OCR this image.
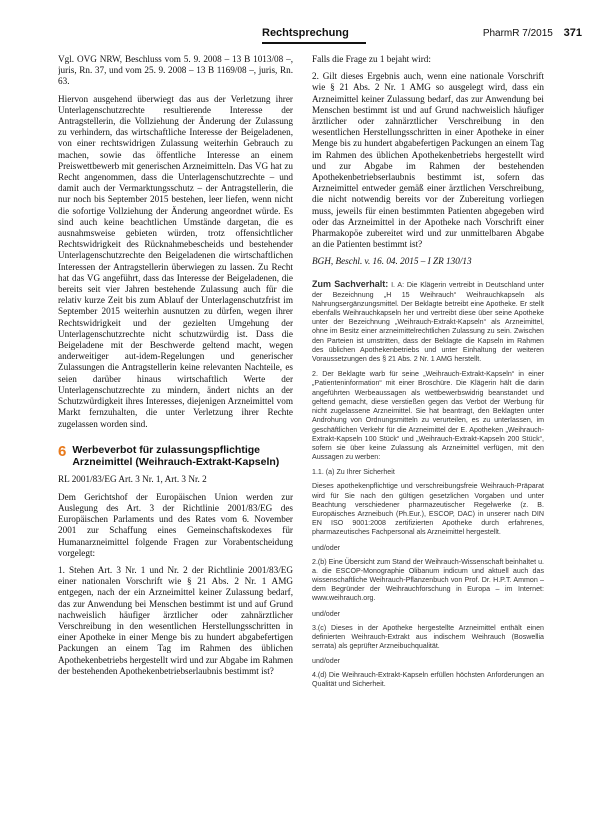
Rechtsprechung	PharmR 7/2015 371

Vgl. OVG NRW, Beschluss vom 5. 9. 2008 – 13 B 1013/08 –, juris, Rn. 37, und vom 25. 9. 2008 – 13 B 1169/08 –, juris, Rn. 63.

Hiervon ausgehend überwiegt das aus der Verletzung ihrer Unterlagenschutzrechte resultierende Interesse der Antragstellerin, die Vollziehung der Änderung der Zulassung zu verhindern, das wirtschaftliche Interesse der Beigeladenen, von einer rechtswidrigen Zulassung weiterhin Gebrauch zu machen, sowie das öffentliche Interesse an einem Preiswettbewerb mit generischen Arzneimitteln. Das VG hat zu Recht angenommen, dass die Unterlagenschutzrechte – und damit auch der Vermarktungsschutz – der Antragstellerin, die nur noch bis September 2015 bestehen, leer liefen, wenn nicht die sofortige Vollziehung der Änderung angeordnet würde. Es sind auch keine beachtlichen Umstände dargetan, die es ausnahmsweise gebieten würden, trotz offensichtlicher Rechtswidrigkeit des Rücknahmebescheids und bestehender Unterlagenschutzrechte den Beigeladenen die wirtschaftlichen Interessen der Antragstellerin überwiegen zu lassen. Zu Recht hat das VG angeführt, dass das Interesse der Beigeladenen, die bereits seit vier Jahren bestehende Zulassung auch für die relativ kurze Zeit bis zum Ablauf der Unterlagenschutzfrist im September 2015 weiterhin ausnutzen zu dürfen, wegen ihrer Rechtswidrigkeit und der gezielten Umgehung der Unterlagenschutzrechte nicht schutzwürdig ist. Dass die Beigeladene mit der Beschwerde geltend macht, wegen anderweitiger aut-idem-Regelungen und generischer Zulassungen die Antragstellerin keine relevanten Nachteile, es seien darüber hinaus wirtschaftlich Werte der Unterlagenschutzrechte zu mindern, ändert nichts an der Schutzwürdigkeit ihres Interesses, diejenigen Arzneimittel vom Markt fernzuhalten, die unter Verletzung ihrer Rechte zugelassen worden sind.

6 Werbeverbot für zulassungspflichtige Arzneimittel (Weihrauch-Extrakt-Kapseln)
RL 2001/83/EG Art. 3 Nr. 1, Art. 3 Nr. 2

Dem Gerichtshof der Europäischen Union werden zur Auslegung des Art. 3 der Richtlinie 2001/83/EG des Europäischen Parlaments und des Rates vom 6. November 2001 zur Schaffung eines Gemeinschaftskodexes für Humanarzneimittel folgende Fragen zur Vorabentscheidung vorgelegt:

1. Stehen Art. 3 Nr. 1 und Nr. 2 der Richtlinie 2001/83/EG einer nationalen Vorschrift wie § 21 Abs. 2 Nr. 1 AMG entgegen, nach der ein Arzneimittel keiner Zulassung bedarf, das zur Anwendung bei Menschen bestimmt ist und auf Grund nachweislich häufiger ärztlicher oder zahnärztlicher Verschreibung in den wesentlichen Herstellungsschritten in einer Apotheke in einer Menge bis zu hundert abgabefertigen Packungen an einem Tag im Rahmen des üblichen Apothekenbetriebs hergestellt wird und zur Abgabe im Rahmen der bestehenden Apothekenbetriebserlaubnis bestimmt ist?

Falls die Frage zu 1 bejaht wird:

2. Gilt dieses Ergebnis auch, wenn eine nationale Vorschrift wie § 21 Abs. 2 Nr. 1 AMG so ausgelegt wird, dass ein Arzneimittel keiner Zulassung bedarf, das zur Anwendung bei Menschen bestimmt ist und auf Grund nachweislich häufiger ärztlicher oder zahnärztlicher Verschreibung in den wesentlichen Herstellungsschritten in einer Apotheke in einer Menge bis zu hundert abgabefertigen Packungen an einem Tag im Rahmen des üblichen Apothekenbetriebs hergestellt wird und zur Abgabe im Rahmen der bestehenden Apothekenbetriebserlaubnis bestimmt ist, sofern das Arzneimittel entweder gemäß einer ärztlichen Verschreibung, die nicht notwendig bereits vor der Zubereitung vorliegen muss, jeweils für einen bestimmten Patienten abgegeben wird oder das Arzneimittel in der Apotheke nach Vorschrift einer Pharmakopöe zubereitet wird und zur unmittelbaren Abgabe an die Patienten bestimmt ist?

BGH, Beschl. v. 16. 04. 2015 – I ZR 130/13

Zum Sachverhalt: I. A: Die Klägerin vertreibt in Deutschland unter der Bezeichnung „H 15 Weihrauch“ Weihrauchkapseln als Nahrungsergänzungsmittel. Der Beklagte betreibt eine Apotheke. Er stellt ebenfalls Weihrauchkapseln her und vertreibt diese über seine Apotheke unter der Bezeichnung „Weihrauch-Extrakt-Kapseln“ als Arzneimittel, ohne im Besitz einer arzneimittelrechtlichen Zulassung zu sein. Zwischen den Parteien ist umstritten, dass der Beklagte die Kapseln im Rahmen des üblichen Apothekenbetriebs und unter Einhaltung der weiteren Voraussetzungen des § 21 Abs. 2 Nr. 1 AMG herstellt.

2. Der Beklagte warb für seine „Weihrauch-Extrakt-Kapseln“ in einer „Patienteninformation“ mit einer Broschüre. Die Klägerin hält die darin angeführten Werbeaussagen als wettbewerbswidrig beanstandet und geltend gemacht, diese verstießen gegen das Verbot der Werbung für nicht zugelassene Arzneimittel. Sie hat beantragt, den Beklagten unter Androhung von Ordnungsmitteln zu verurteilen, es zu unterlassen, im geschäftlichen Verkehr für die Arzneimittel der E. Apotheken „Weihrauch-Extrakt-Kapseln 100 Stück“ und „Weihrauch-Extrakt-Kapseln 200 Stück“, sofern sie über keine Zulassung als Arzneimittel verfügen, mit den Aussagen zu werben:

1.1. (a) Zu Ihrer Sicherheit

Dieses apothekenpflichtige und verschreibungsfreie Weihrauch-Präparat wird für Sie nach den gültigen gesetzlichen Vorgaben und unter Beachtung verschiedener pharmazeutischer Regelwerke (z. B. Europäisches Arzneibuch (Ph.Eur.), ESCOP, DAC) in unserer nach DIN EN ISO 9001:2008 zertifizierten Apotheke durch erfahrenes, pharmazeutisches Fachpersonal als Arzneimittel hergestellt.

und/oder

2.(b) Eine Übersicht zum Stand der Weihrauch-Wissenschaft beinhaltet u. a. die ESCOP-Monographie Olibanum indicum und aktuell auch das wissenschaftliche Weihrauch-Pflanzenbuch von Prof. Dr. H.P.T. Ammon – dem Begründer der Weihrauchforschung in Europa – im Internet: www.weihrauch.org.

und/oder

3.(c) Dieses in der Apotheke hergestellte Arzneimittel enthält einen definierten Weihrauch-Extrakt aus indischem Weihrauch (Boswellia serrata) als geprüfter Arzneibuchqualität.

und/oder

4.(d) Die Weihrauch-Extrakt-Kapseln erfüllen höchsten Anforderungen an Qualität und Sicherheit.
